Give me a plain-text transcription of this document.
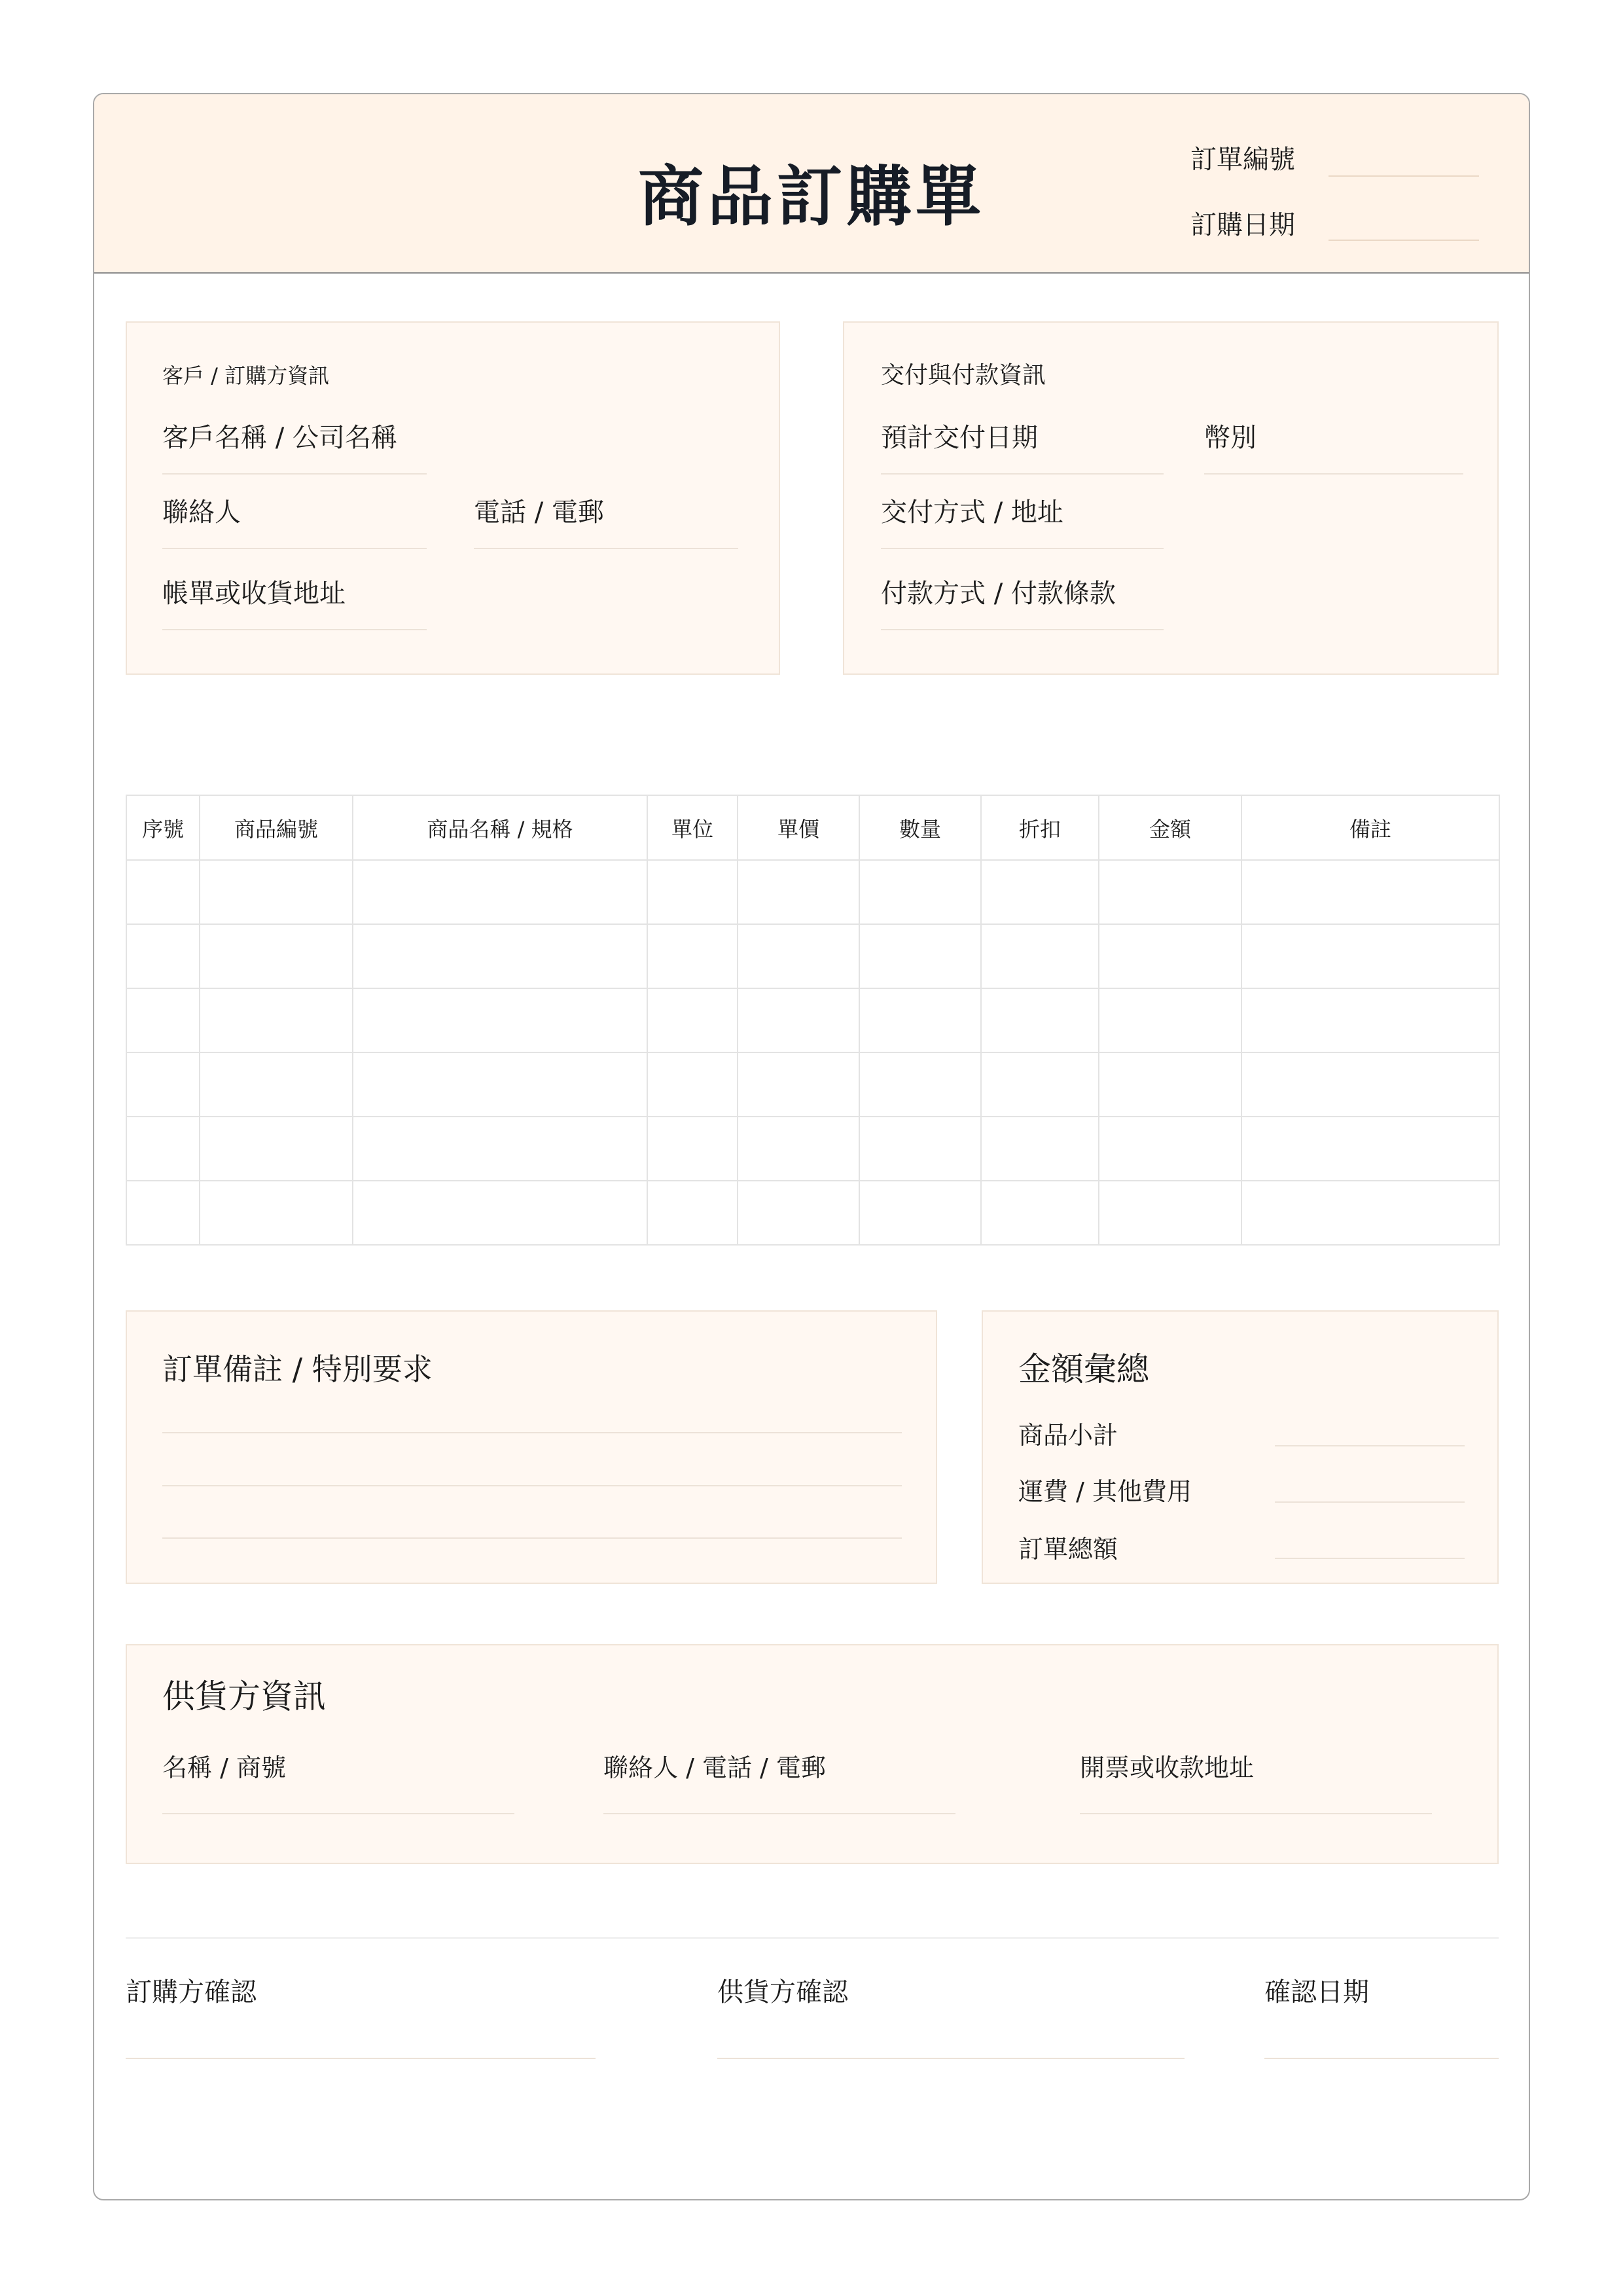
商品訂購單	訂單編號
訂購日期
客戶 / 訂購方資訊
客戶名稱 / 公司名稱
聯絡人	電話 / 電郵
帳單或收貨地址
交付與付款資訊
預計交付日期	幣別
交付方式 / 地址
付款方式 / 付款條款
序號	商品編號	商品名稱 / 規格	單位	單價	數量	折扣	金額	備註

訂單備註 / 特別要求	金額彙總
商品小計
運費 / 其他費用
訂單總額
供貨方資訊
名稱 / 商號	聯絡人 / 電話 / 電郵	開票或收款地址
訂購方確認	供貨方確認	確認日期
